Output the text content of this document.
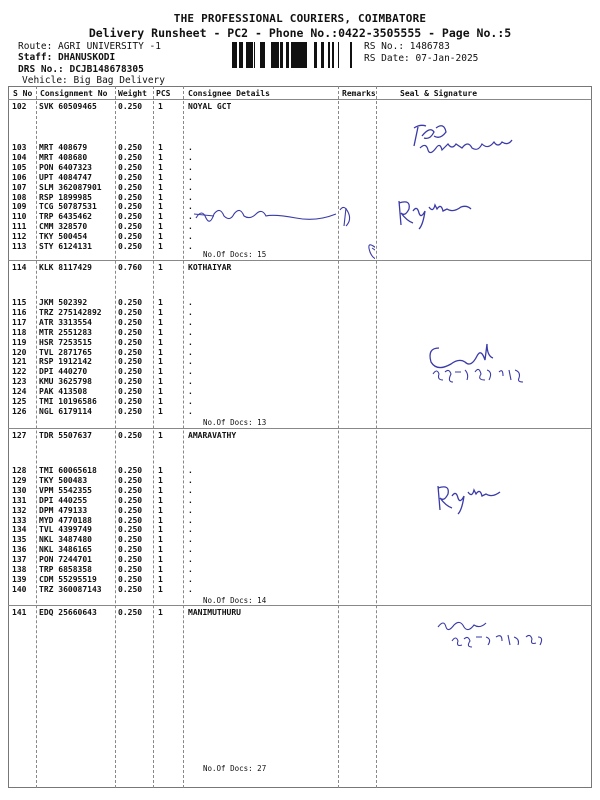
THE PROFESSIONAL COURIERS, COIMBATORE
Delivery Runsheet - PC2 - Phone No.:0422-3505555 - Page No.:5
Route: AGRI UNIVERSITY -1
Staff: DHANUSKODI
DRS No.: DCJB148678305
Vehicle: Big Bag Delivery
RS No.: 1486783
RS Date: 07-Jan-2025
S No Consignment No Weight PCS Consignee Details	Remarks	Seal & Signature
102 SVK 60509465	0.250 1	NOYAL GCT
103 MRT 408679	0.250 1	.
104 MRT 408680	0.250 1	.
105 PON 6407323	0.250 1	.
106 UPT 4084747	0.250 1	.
107 SLM 362087901 0.250 1	.
108 RSP 1899985	0.250 1	.
109 TCG 50787531	0.250 1	.
110 TRP 6435462	0.250 1	.
111 CMM 328570	0.250 1	.
112 TKY 500454	0.250 1	.
113 STY 6124131	0.250 1	.
No.Of Docs: 15
114 KLK 8117429	0.760 1	KOTHAIYAR
115 JKM 502392	0.250 1	.
116 TRZ 275142892 0.250 1	.
117 ATR 3313554	0.250 1	.
118 MTR 2551283	0.250 1	.
119 HSR 7253515	0.250 1	.
120 TVL 2871765	0.250 1	.
121 RSP 1912142	0.250 1	.
122 DPI 440270	0.250 1	.
123 KMU 3625798	0.250 1	.
124 PAK 413508	0.250 1	.
125 TMI 10196586	0.250 1	.
126 NGL 6179114	0.250 1	.
No.Of Docs: 13
127 TDR 5507637	0.250 1	AMARAVATHY
128 TMI 60065618	0.250 1	.
129 TKY 500483	0.250 1	.
130 VPM 5542355	0.250 1	.
131 DPI 440255	0.250 1	.
132 DPM 479133	0.250 1	.
133 MYD 4770188	0.250 1	.
134 TVL 4399749	0.250 1	.
135 NKL 3487480	0.250 1	.
136 NKL 3486165	0.250 1	.
137 PON 7244701	0.250 1	.
138 TRP 6858358	0.250 1	.
139 CDM 55295519	0.250 1	.
140 TRZ 360087143 0.250 1	.
No.Of Docs: 14
141 EDQ 25660643	0.250 1	MANIMUTHURU
No.Of Docs: 27
